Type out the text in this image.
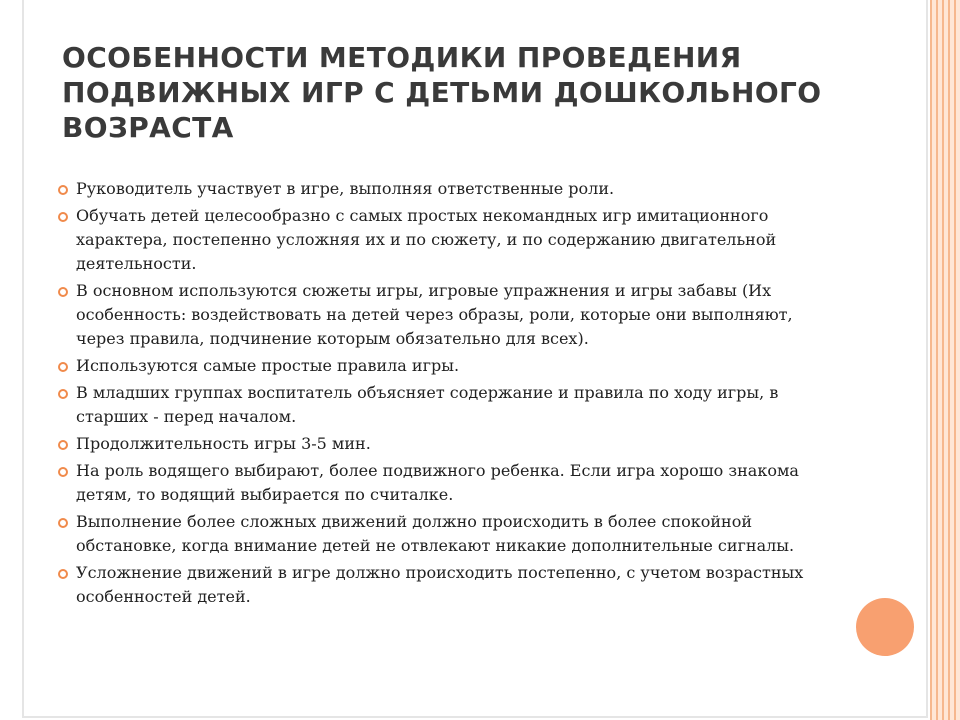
ОСОБЕННОСТИ МЕТОДИКИ ПРОВЕДЕНИЯ
ПОДВИЖНЫХ ИГР С ДЕТЬМИ ДОШКОЛЬНОГО
ВОЗРАСТА
Руководитель участвует в игре, выполняя ответственные роли.
Обучать детей целесообразно с самых простых некомандных игр имитационного характера, постепенно усложняя их и по сюжету, и по содержанию двигательной деятельности.
В основном используются сюжеты игры, игровые упражнения и игры забавы (Их особенность: воздействовать на детей через образы, роли, которые они выполняют, через правила, подчинение которым обязательно для всех).
Используются самые простые правила игры.
В младших группах воспитатель объясняет содержание и правила по ходу игры, в старших - перед началом.
Продолжительность игры 3-5 мин.
На роль водящего выбирают, более подвижного ребенка. Если игра хорошо знакома детям, то водящий выбирается по считалке.
Выполнение более сложных движений должно происходить в более спокойной обстановке, когда внимание детей не отвлекают никакие дополнительные сигналы.
Усложнение движений в игре должно происходить постепенно, с учетом возрастных особенностей детей.
